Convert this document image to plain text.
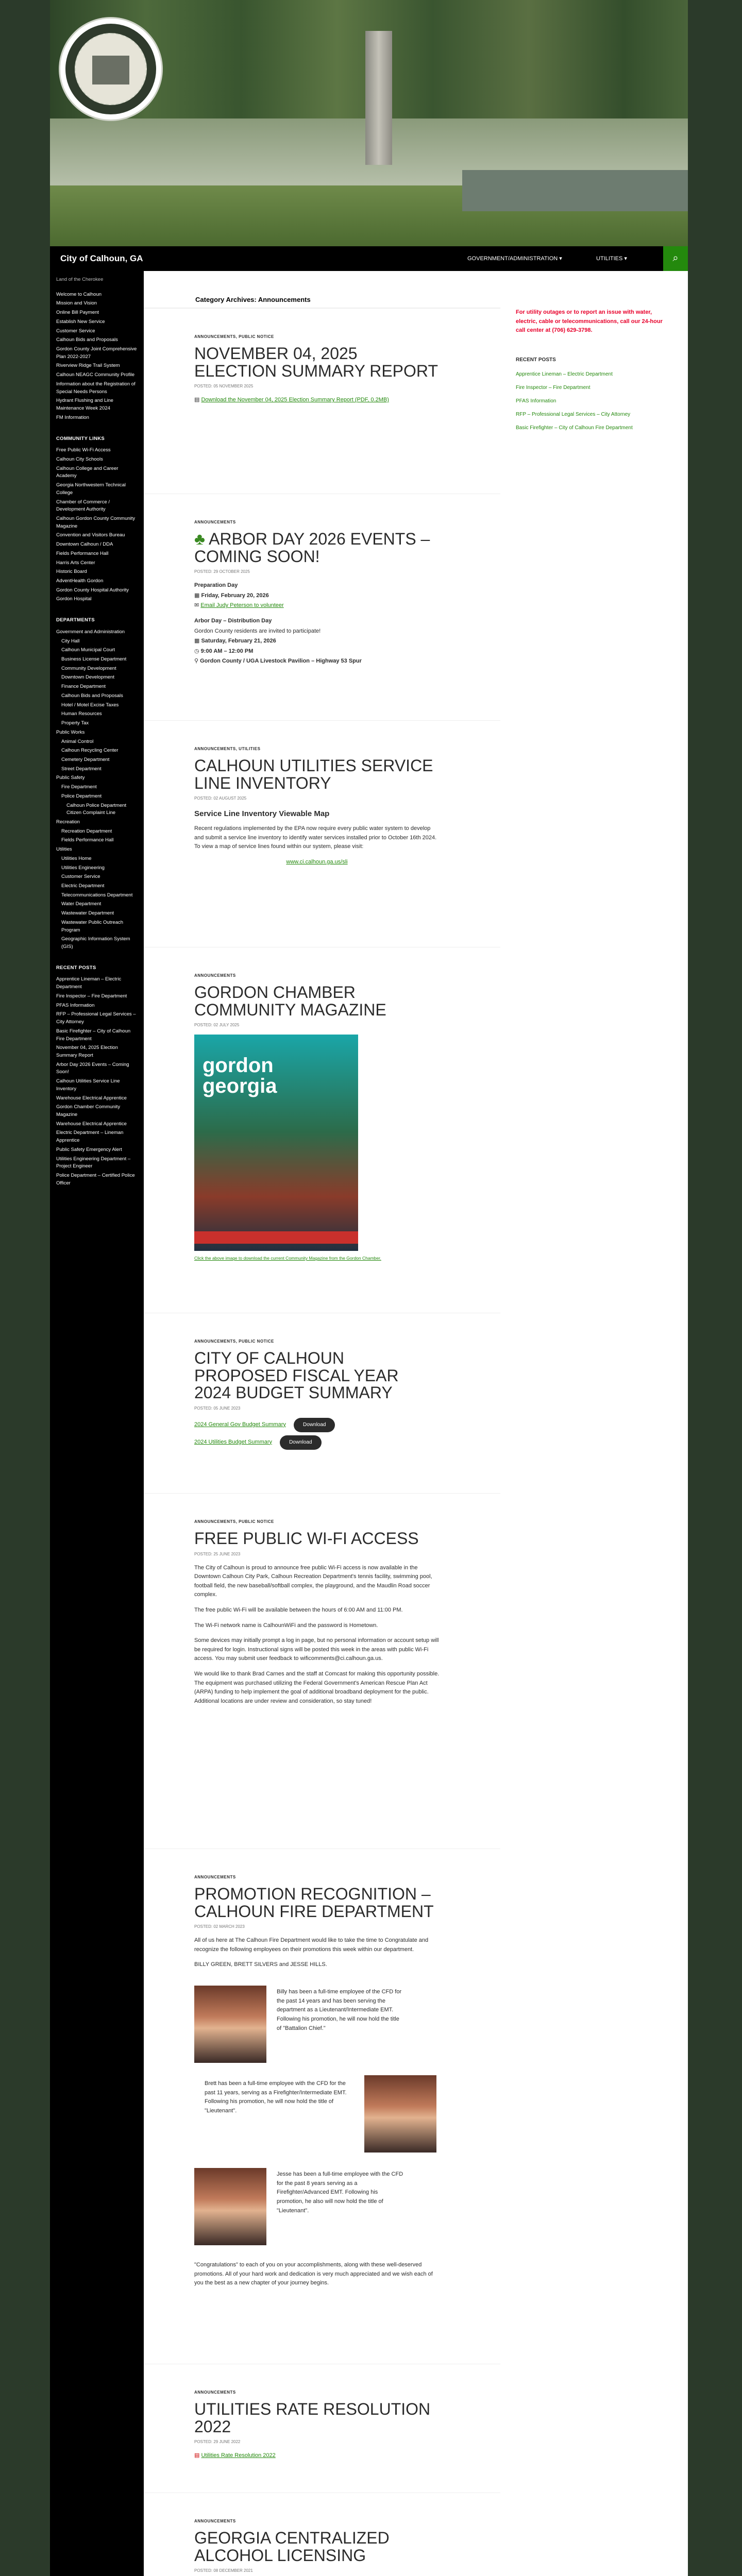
City of Calhoun, GA	GOVERNMENT/ADMINISTRATION ▾	UTILITIES ▾	⌕
Land of the Cherokee
Welcome to Calhoun
Mission and Vision
Online Bill Payment
Establish New Service
Customer Service
Calhoun Bids and Proposals
Gordon County Joint Comprehensive Plan 2022-2027
Riverview Ridge Trail System
Calhoun NEAGC Community Profile
Information about the Registration of Special Needs Persons
Hydrant Flushing and Line Maintenance Week 2024
FM Information
COMMUNITY LINKS
Free Public Wi-Fi Access
Calhoun City Schools
Calhoun College and Career Academy
Georgia Northwestern Technical College
Chamber of Commerce / Development Authority
Calhoun Gordon County Community Magazine
Convention and Visitors Bureau
Downtown Calhoun / DDA
Fields Performance Hall
Harris Arts Center
Historic Board
AdventHealth Gordon
Gordon County Hospital Authority
Gordon Hospital
DEPARTMENTS
Government and Administration
City Hall
Calhoun Municipal Court
Business License Department
Community Development
Downtown Development
Finance Department
Calhoun Bids and Proposals
Hotel / Motel Excise Taxes
Human Resources
Property Tax
Public Works
Animal Control
Calhoun Recycling Center
Cemetery Department
Street Department
Public Safety
Fire Department
Police Department
Calhoun Police Department Citizen Complaint Line
Recreation
Recreation Department
Fields Performance Hall
Utilities
Utilities Home
Utilities Engineering
Customer Service
Electric Department
Telecommunications Department
Water Department
Wastewater Department
Wastewater Public Outreach Program
Geographic Information System (GIS)
RECENT POSTS
Apprentice Lineman – Electric Department
Fire Inspector – Fire Department
PFAS Information
RFP – Professional Legal Services – City Attorney
Basic Firefighter – City of Calhoun Fire Department
November 04, 2025 Election Summary Report
Arbor Day 2026 Events – Coming Soon!
Calhoun Utilities Service Line Inventory
Warehouse Electrical Apprentice
Gordon Chamber Community Magazine
Warehouse Electrical Apprentice
Electric Department – Lineman Apprentice
Public Safety Emergency Alert
Utilities Engineering Department – Project Engineer
Police Department – Certified Police Officer
Category Archives: Announcements
ANNOUNCEMENTS, PUBLIC NOTICE
NOVEMBER 04, 2025 ELECTION SUMMARY REPORT
POSTED: 05 NOVEMBER 2025
▤ Download the November 04, 2025 Election Summary Report (PDF, 0.2MB)
ANNOUNCEMENTS
♣ ARBOR DAY 2026 EVENTS – COMING SOON!
POSTED: 29 OCTOBER 2025

Preparation Day

▦ Friday, February 20, 2026

✉ Email Judy Peterson to volunteer

Arbor Day – Distribution Day

Gordon County residents are invited to participate!

▦ Saturday, February 21, 2026

◷ 9:00 AM – 12:00 PM

⚲ Gordon County / UGA Livestock Pavilion – Highway 53 Spur

ANNOUNCEMENTS, UTILITIES
CALHOUN UTILITIES SERVICE LINE INVENTORY
POSTED: 02 AUGUST 2025

Service Line Inventory Viewable Map

Recent regulations implemented by the EPA now require every public water system to develop and submit a service line inventory to identify water services installed prior to October 16th 2024. To view a map of service lines found within our system, please visit:

www.ci.calhoun.ga.us/sli

ANNOUNCEMENTS
GORDON CHAMBER COMMUNITY MAGAZINE
POSTED: 02 JULY 2025
gordon georgia
Click the above image to download the current Community Magazine from the Gordon Chamber.
ANNOUNCEMENTS, PUBLIC NOTICE
CITY OF CALHOUN PROPOSED FISCAL YEAR 2024 BUDGET SUMMARY
POSTED: 05 JUNE 2023

2024 General Gov Budget Summary	Download

2024 Utilities Budget Summary	Download

ANNOUNCEMENTS, PUBLIC NOTICE
FREE PUBLIC WI-FI ACCESS
POSTED: 25 JUNE 2023

The City of Calhoun is proud to announce free public Wi-Fi access is now available in the Downtown Calhoun City Park, Calhoun Recreation Department's tennis facility, swimming pool, football field, the new baseball/softball complex, the playground, and the Maudlin Road soccer complex.

The free public Wi-Fi will be available between the hours of 6:00 AM and 11:00 PM.

The Wi-Fi network name is CalhounWiFi and the password is Hometown.

Some devices may initially prompt a log in page, but no personal information or account setup will be required for login. Instructional signs will be posted this week in the areas with public Wi-Fi access. You may submit user feedback to wificomments@ci.calhoun.ga.us.

We would like to thank Brad Carnes and the staff at Comcast for making this opportunity possible. The equipment was purchased utilizing the Federal Government's American Rescue Plan Act (ARPA) funding to help implement the goal of additional broadband deployment for the public. Additional locations are under review and consideration, so stay tuned!

ANNOUNCEMENTS
PROMOTION RECOGNITION – CALHOUN FIRE DEPARTMENT
POSTED: 02 MARCH 2023

All of us here at The Calhoun Fire Department would like to take the time to Congratulate and recognize the following employees on their promotions this week within our department.

BILLY GREEN, BRETT SILVERS and JESSE HILLS.

Billy has been a full-time employee of the CFD for the past 14 years and has been serving the department as a Lieutenant/Intermediate EMT. Following his promotion, he will now hold the title of "Battalion Chief."

Brett has been a full-time employee with the CFD for the past 11 years, serving as a Firefighter/Intermediate EMT. Following his promotion, he will now hold the title of "Lieutenant".

Jesse has been a full-time employee with the CFD for the past 8 years serving as a Firefighter/Advanced EMT. Following his promotion, he also will now hold the title of "Lieutenant".

"Congratulations" to each of you on your accomplishments, along with these well-deserved promotions. All of your hard work and dedication is very much appreciated and we wish each of you the best as a new chapter of your journey begins.

ANNOUNCEMENTS
UTILITIES RATE RESOLUTION 2022
POSTED: 29 JUNE 2022
▤ Utilities Rate Resolution 2022
ANNOUNCEMENTS
GEORGIA CENTRALIZED ALCOHOL LICENSING
POSTED: 08 DECEMBER 2021

For utility outages or to report an issue with water, electric, cable or telecommunications, call our 24-hour call center at (706) 629-3798.
RECENT POSTS
Apprentice Lineman – Electric Department
Fire Inspector – Fire Department
PFAS Information
RFP – Professional Legal Services – City Attorney
Basic Firefighter – City of Calhoun Fire Department
